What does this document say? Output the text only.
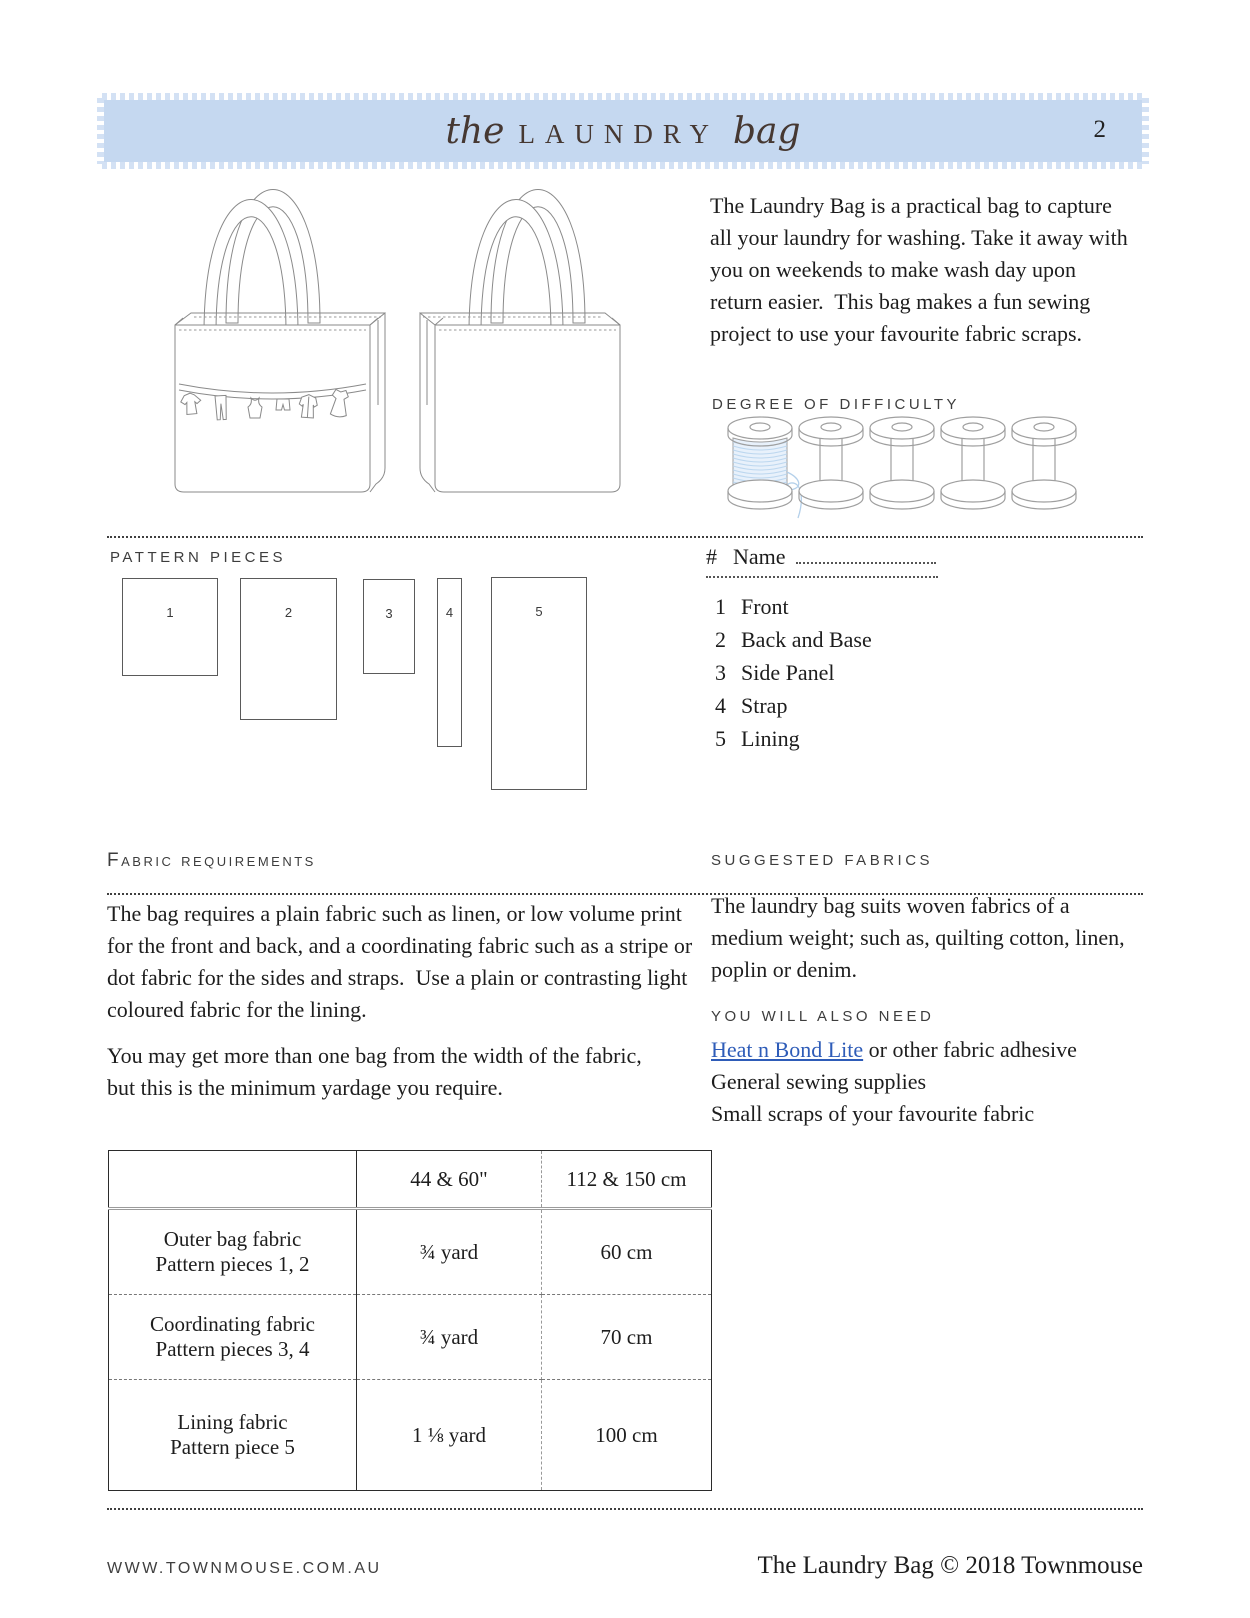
the LAUNDRY bag	2
The Laundry Bag is a practical bag to capture all your laundry for washing. Take it away with you on weekends to make wash day upon return easier.  This bag makes a fun sewing project to use your favourite fabric scraps.
DEGREE OF DIFFICULTY
PATTERN PIECES
1	2	3	4	5
# Name
1 Front
2 Back and Base
3 Side Panel
4 Strap
5 Lining
Fabric requirements	SUGGESTED FABRICS
The bag requires a plain fabric such as linen, or low volume print for the front and back, and a coordinating fabric such as a stripe or dot fabric for the sides and straps.  Use a plain or contrasting light coloured fabric for the lining.
You may get more than one bag from the width of the fabric, but this is the minimum yardage you require.
The laundry bag suits woven fabrics of a medium weight; such as, quilting cotton, linen, poplin or denim.
YOU WILL ALSO NEED
Heat n Bond Lite or other fabric adhesive
General sewing supplies
Small scraps of your favourite fabric
	44 & 60"	112 & 150 cm

Outer bag fabric
Pattern pieces 1, 2	¾ yard	60 cm

Coordinating fabric
Pattern pieces 3, 4	¾ yard	70 cm

Lining fabric
Pattern piece 5	1 ⅛ yard	100 cm
WWW.TOWNMOUSE.COM.AU	The Laundry Bag © 2018 Townmouse
